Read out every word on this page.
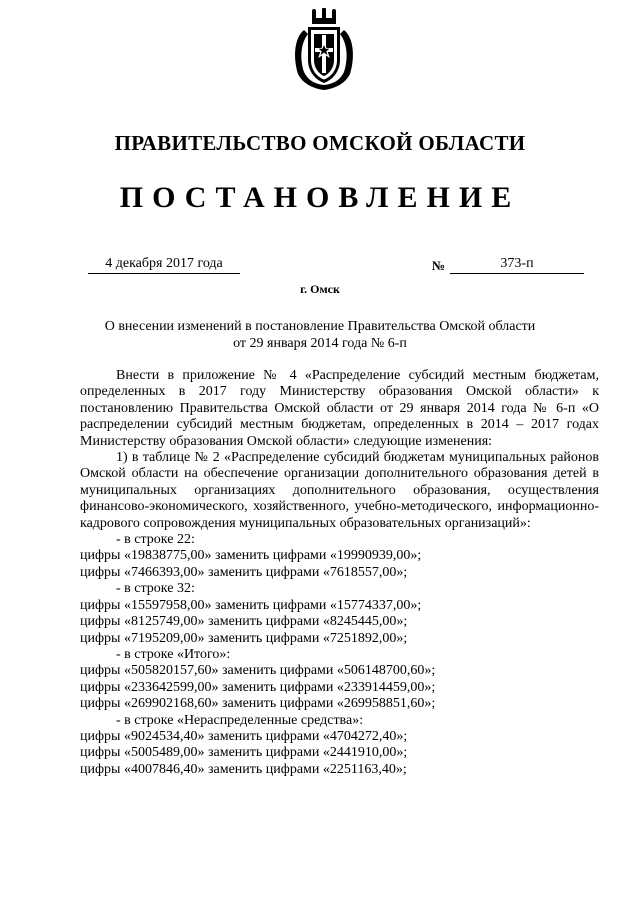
ПРАВИТЕЛЬСТВО ОМСКОЙ ОБЛАСТИ
ПОСТАНОВЛЕНИЕ
4 декабря 2017 года	№	373-п
г. Омск
О внесении изменений в постановление Правительства Омской области
от 29 января 2014 года № 6-п

Внести в приложение № 4 «Распределение субсидий местным бюджетам, определенных в 2017 году Министерству образования Омской области» к постановлению Правительства Омской области от 29 января 2014 года № 6-п «О распределении субсидий местным бюджетам, определенных в 2014 – 2017 годах Министерству образования Омской области» следующие изменения:

1) в таблице № 2 «Распределение субсидий бюджетам муниципальных районов Омской области на обеспечение организации дополнительного образования детей в муниципальных организациях дополнительного образования, осуществления финансово-экономического, хозяйственного, учебно-методического, информационно-кадрового сопровождения муниципальных образовательных организаций»:

- в строке 22:

цифры «19838775,00» заменить цифрами «19990939,00»;

цифры «7466393,00» заменить цифрами «7618557,00»;

- в строке 32:

цифры «15597958,00» заменить цифрами «15774337,00»;

цифры «8125749,00» заменить цифрами «8245445,00»;

цифры «7195209,00» заменить цифрами «7251892,00»;

- в строке «Итого»:

цифры «505820157,60» заменить цифрами «506148700,60»;

цифры «233642599,00» заменить цифрами «233914459,00»;

цифры «269902168,60» заменить цифрами «269958851,60»;

- в строке «Нераспределенные средства»:

цифры «9024534,40» заменить цифрами «4704272,40»;

цифры «5005489,00» заменить цифрами «2441910,00»;

цифры «4007846,40» заменить цифрами «2251163,40»;
